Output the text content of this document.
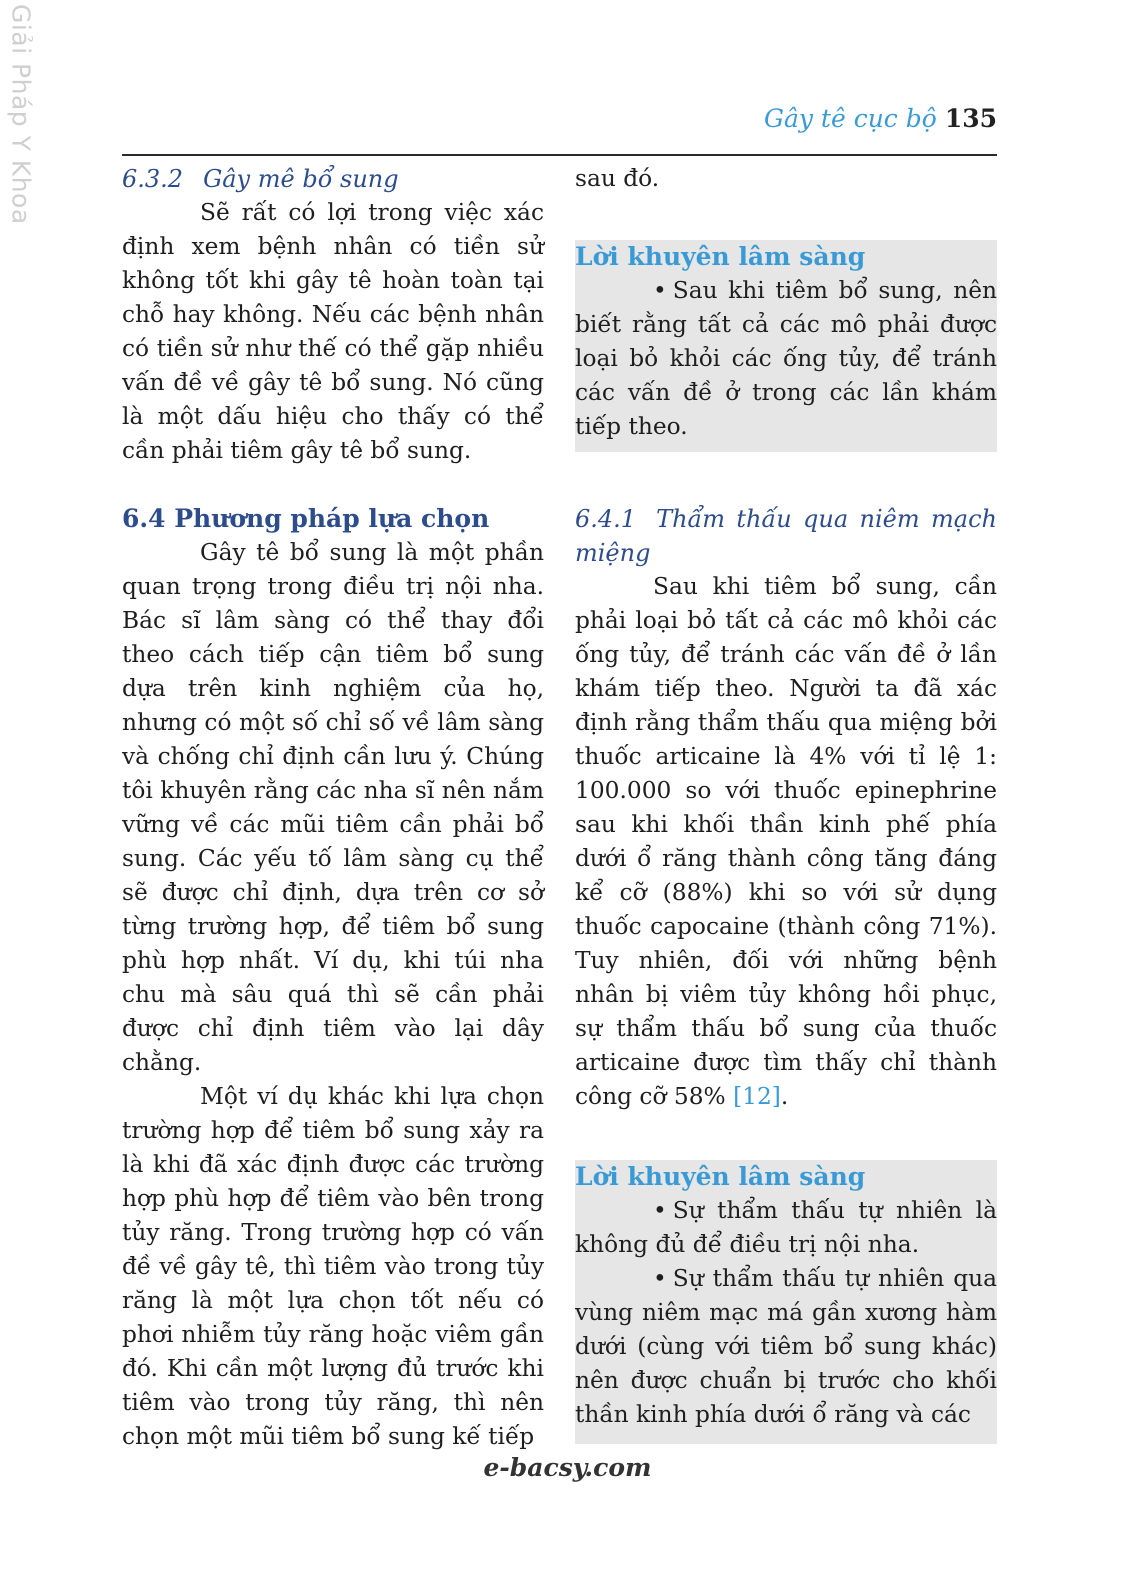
Giải Pháp Y Khoa	Gây tê cục bộ 135
6.3.2 Gây mê bổ sung

Sẽ rất có lợi trong việc xác định xem bệnh nhân có tiền sử không tốt khi gây tê hoàn toàn tại chỗ hay không. Nếu các bệnh nhân có tiền sử như thế có thể gặp nhiều vấn đề về gây tê bổ sung. Nó cũng là một dấu hiệu cho thấy có thể cần phải tiêm gây tê bổ sung.

6.4 Phương pháp lựa chọn

Gây tê bổ sung là một phần quan trọng trong điều trị nội nha. Bác sĩ lâm sàng có thể thay đổi theo cách tiếp cận tiêm bổ sung dựa trên kinh nghiệm của họ, nhưng có một số chỉ số về lâm sàng và chống chỉ định cần lưu ý. Chúng tôi khuyên rằng các nha sĩ nên nắm vững về các mũi tiêm cần phải bổ sung. Các yếu tố lâm sàng cụ thể sẽ được chỉ định, dựa trên cơ sở từng trường hợp, để tiêm bổ sung phù hợp nhất. Ví dụ, khi túi nha chu mà sâu quá thì sẽ cần phải được chỉ định tiêm vào lại dây chằng.

Một ví dụ khác khi lựa chọn trường hợp để tiêm bổ sung xảy ra là khi đã xác định được các trường hợp phù hợp để tiêm vào bên trong tủy răng. Trong trường hợp có vấn đề về gây tê, thì tiêm vào trong tủy răng là một lựa chọn tốt nếu có phơi nhiễm tủy răng hoặc viêm gần đó. Khi cần một lượng đủ trước khi tiêm vào trong tủy răng, thì nên chọn một mũi tiêm bổ sung kế tiếp

sau đó.

Lời khuyên lâm sàng

• Sau khi tiêm bổ sung, nên biết rằng tất cả các mô phải được loại bỏ khỏi các ống tủy, để tránh các vấn đề ở trong các lần khám tiếp theo.

6.4.1 Thẩm thấu qua niêm mạch miệng

Sau khi tiêm bổ sung, cần phải loại bỏ tất cả các mô khỏi các ống tủy, để tránh các vấn đề ở lần khám tiếp theo. Người ta đã xác định rằng thẩm thấu qua miệng bởi thuốc articaine là 4% với tỉ lệ 1: 100.000 so với thuốc epinephrine sau khi khối thần kinh phế phía dưới ổ răng thành công tăng đáng kể cỡ (88%) khi so với sử dụng thuốc capocaine (thành công 71%). Tuy nhiên, đối với những bệnh nhân bị viêm tủy không hồi phục, sự thẩm thấu bổ sung của thuốc articaine được tìm thấy chỉ thành công cỡ 58% [12].

Lời khuyên lâm sàng

• Sự thẩm thấu tự nhiên là không đủ để điều trị nội nha.

• Sự thẩm thấu tự nhiên qua vùng niêm mạc má gần xương hàm dưới (cùng với tiêm bổ sung khác) nên được chuẩn bị trước cho khối thần kinh phía dưới ổ răng và các

e-bacsy.com
